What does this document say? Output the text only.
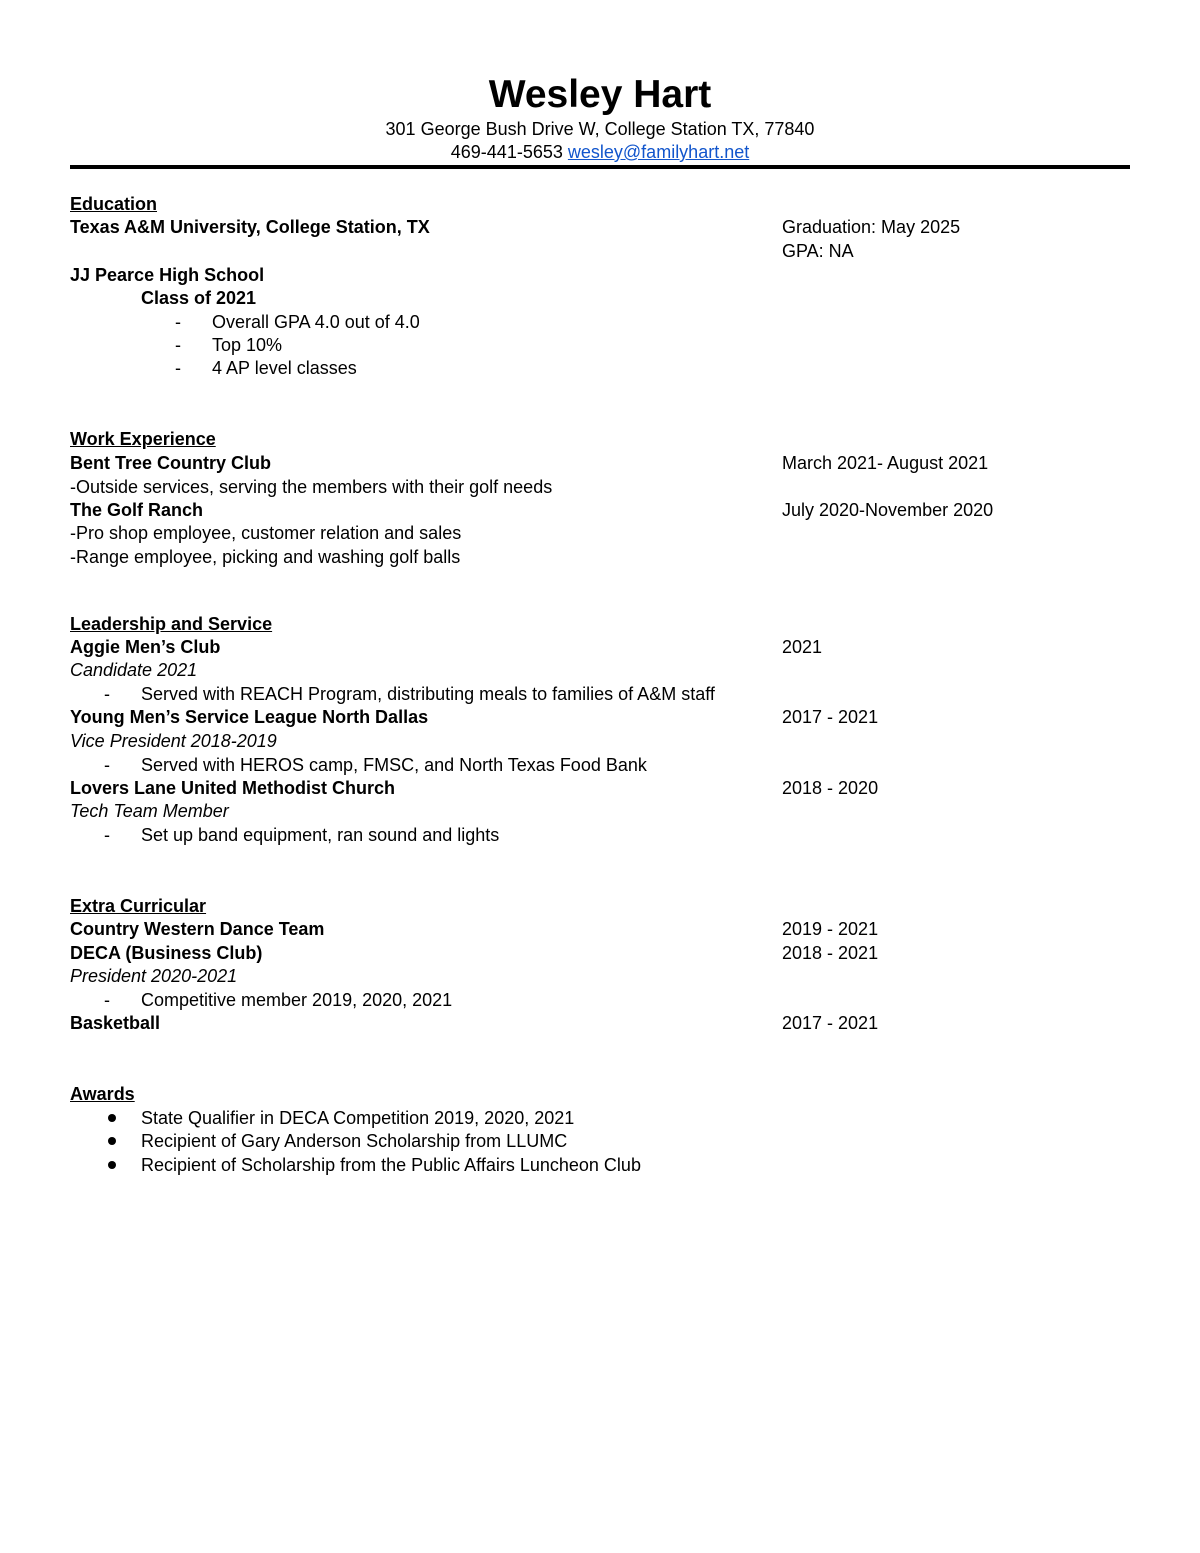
Wesley Hart
301 George Bush Drive W, College Station TX, 77840
469-441-5653 wesley@familyhart.net
Education
Texas A&M University, College Station, TX	Graduation: May 2025
GPA: NA
JJ Pearce High School
Class of 2021
- Overall GPA 4.0 out of 4.0
- Top 10%
- 4 AP level classes
Work Experience
Bent Tree Country Club	March 2021- August 2021
-Outside services, serving the members with their golf needs
The Golf Ranch	July 2020-November 2020
-Pro shop employee, customer relation and sales
-Range employee, picking and washing golf balls
Leadership and Service
Aggie Men’s Club	2021
Candidate 2021
- Served with REACH Program, distributing meals to families of A&M staff
Young Men’s Service League North Dallas	2017 - 2021
Vice President 2018-2019
- Served with HEROS camp, FMSC, and North Texas Food Bank
Lovers Lane United Methodist Church	2018 - 2020
Tech Team Member
- Set up band equipment, ran sound and lights
Extra Curricular
Country Western Dance Team	2019 - 2021
DECA (Business Club)	2018 - 2021
President 2020-2021
- Competitive member 2019, 2020, 2021
Basketball	2017 - 2021
Awards
State Qualifier in DECA Competition 2019, 2020, 2021
Recipient of Gary Anderson Scholarship from LLUMC
Recipient of Scholarship from the Public Affairs Luncheon Club
